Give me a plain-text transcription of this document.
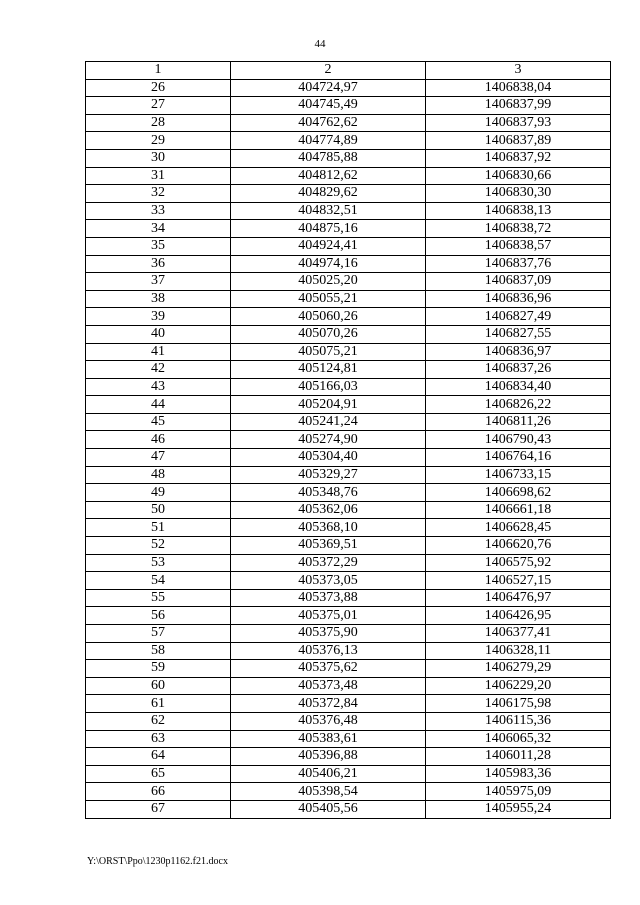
44
1	2	3
26	404724,97	1406838,04
27	404745,49	1406837,99
28	404762,62	1406837,93
29	404774,89	1406837,89
30	404785,88	1406837,92
31	404812,62	1406830,66
32	404829,62	1406830,30
33	404832,51	1406838,13
34	404875,16	1406838,72
35	404924,41	1406838,57
36	404974,16	1406837,76
37	405025,20	1406837,09
38	405055,21	1406836,96
39	405060,26	1406827,49
40	405070,26	1406827,55
41	405075,21	1406836,97
42	405124,81	1406837,26
43	405166,03	1406834,40
44	405204,91	1406826,22
45	405241,24	1406811,26
46	405274,90	1406790,43
47	405304,40	1406764,16
48	405329,27	1406733,15
49	405348,76	1406698,62
50	405362,06	1406661,18
51	405368,10	1406628,45
52	405369,51	1406620,76
53	405372,29	1406575,92
54	405373,05	1406527,15
55	405373,88	1406476,97
56	405375,01	1406426,95
57	405375,90	1406377,41
58	405376,13	1406328,11
59	405375,62	1406279,29
60	405373,48	1406229,20
61	405372,84	1406175,98
62	405376,48	1406115,36
63	405383,61	1406065,32
64	405396,88	1406011,28
65	405406,21	1405983,36
66	405398,54	1405975,09
67	405405,56	1405955,24
Y:\ORST\Ppo\1230p1162.f21.docx
